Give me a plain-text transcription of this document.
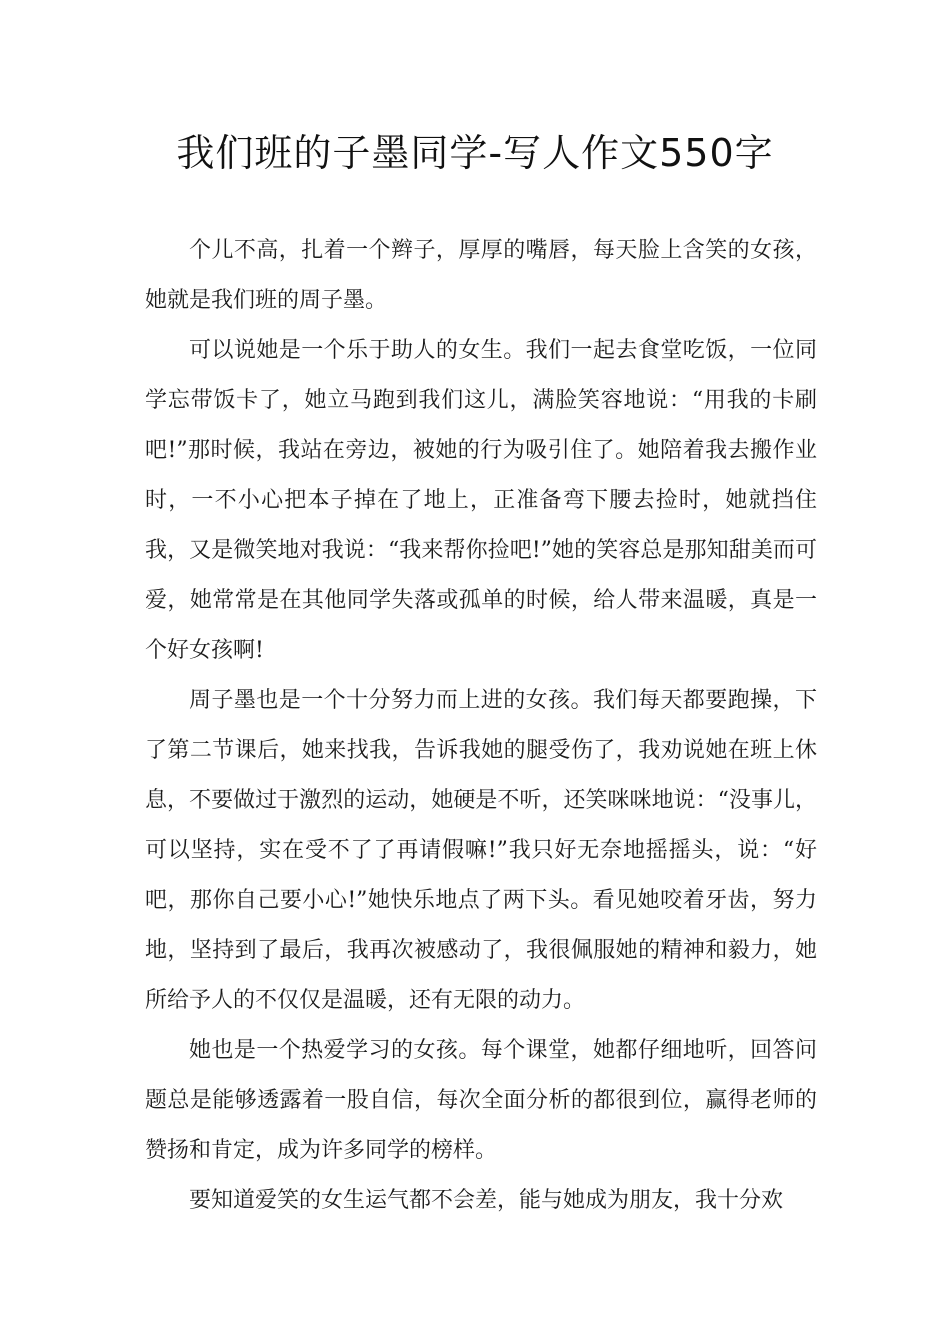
我们班的子墨同学-写人作文550字

个儿不高，扎着一个辫子，厚厚的嘴唇，每天脸上含笑的女孩，她就是我们班的周子墨。

可以说她是一个乐于助人的女生。我们一起去食堂吃饭，一位同学忘带饭卡了，她立马跑到我们这儿，满脸笑容地说：“用我的卡刷吧!”那时候，我站在旁边，被她的行为吸引住了。她陪着我去搬作业时，一不小心把本子掉在了地上，正准备弯下腰去捡时，她就挡住我，又是微笑地对我说：“我来帮你捡吧!”她的笑容总是那知甜美而可爱，她常常是在其他同学失落或孤单的时候，给人带来温暖，真是一个好女孩啊!

周子墨也是一个十分努力而上进的女孩。我们每天都要跑操，下了第二节课后，她来找我，告诉我她的腿受伤了，我劝说她在班上休息，不要做过于激烈的运动，她硬是不听，还笑咪咪地说：“没事儿，可以坚持，实在受不了了再请假嘛!”我只好无奈地摇摇头，说：“好吧，那你自己要小心!”她快乐地点了两下头。看见她咬着牙齿，努力地，坚持到了最后，我再次被感动了，我很佩服她的精神和毅力，她所给予人的不仅仅是温暖，还有无限的动力。

她也是一个热爱学习的女孩。每个课堂，她都仔细地听，回答问题总是能够透露着一股自信，每次全面分析的都很到位，赢得老师的赞扬和肯定，成为许多同学的榜样。

要知道爱笑的女生运气都不会差，能与她成为朋友，我十分欢
